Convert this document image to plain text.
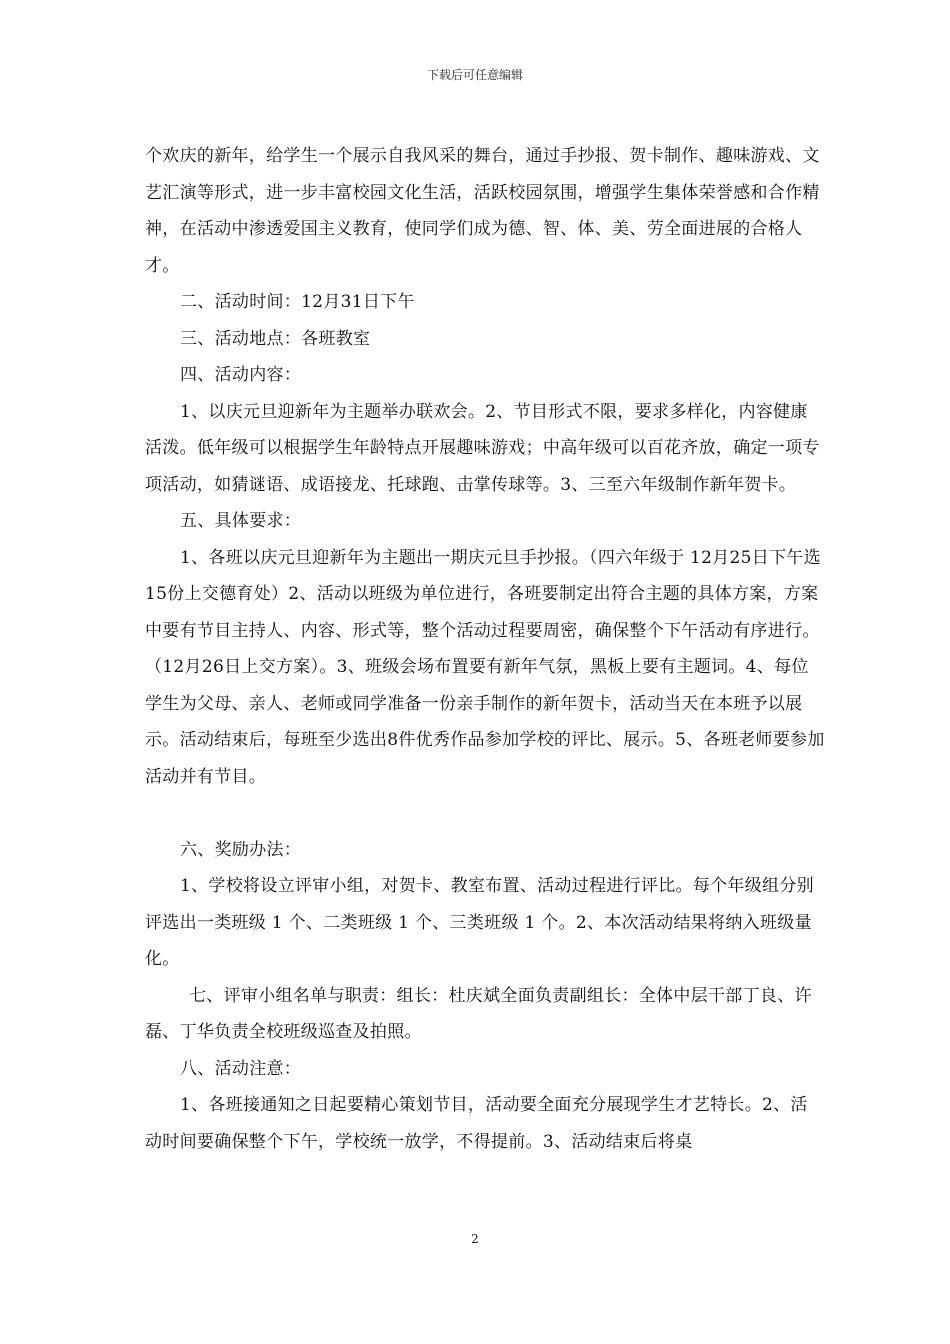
下载后可任意编辑

个欢庆的新年，给学生一个展示自我风采的舞台，通过手抄报、贺卡制作、趣味游戏、文艺汇演等形式，进一步丰富校园文化生活，活跃校园氛围，增强学生集体荣誉感和合作精神，在活动中渗透爱国主义教育，使同学们成为德、智、体、美、劳全面进展的合格人才。

二、活动时间：12月31日下午

三、活动地点：各班教室

四、活动内容：

1、以庆元旦迎新年为主题举办联欢会。2、节目形式不限，要求多样化，内容健康活泼。低年级可以根据学生年龄特点开展趣味游戏；中高年级可以百花齐放，确定一项专项活动，如猜谜语、成语接龙、托球跑、击掌传球等。3、三至六年级制作新年贺卡。

五、具体要求：

1、各班以庆元旦迎新年为主题出一期庆元旦手抄报。（四六年级于 12月25日下午选15份上交德育处）2、活动以班级为单位进行，各班要制定出符合主题的具体方案，方案中要有节目主持人、内容、形式等，整个活动过程要周密，确保整个下午活动有序进行。（12月26日上交方案）。3、班级会场布置要有新年气氛，黑板上要有主题词。4、每位学生为父母、亲人、老师或同学准备一份亲手制作的新年贺卡，活动当天在本班予以展示。活动结束后，每班至少选出8件优秀作品参加学校的评比、展示。5、各班老师要参加活动并有节目。

六、奖励办法：

1、学校将设立评审小组，对贺卡、教室布置、活动过程进行评比。每个年级组分别评选出一类班级 1 个、二类班级 1 个、三类班级 1 个。2、本次活动结果将纳入班级量化。

七、评审小组名单与职责：组长：杜庆斌全面负责副组长：全体中层干部丁良、许磊、丁华负责全校班级巡查及拍照。

八、活动注意：

1、各班接通知之日起要精心策划节目，活动要全面充分展现学生才艺特长。2、活动时间要确保整个下午，学校统一放学，不得提前。3、活动结束后将桌

2
